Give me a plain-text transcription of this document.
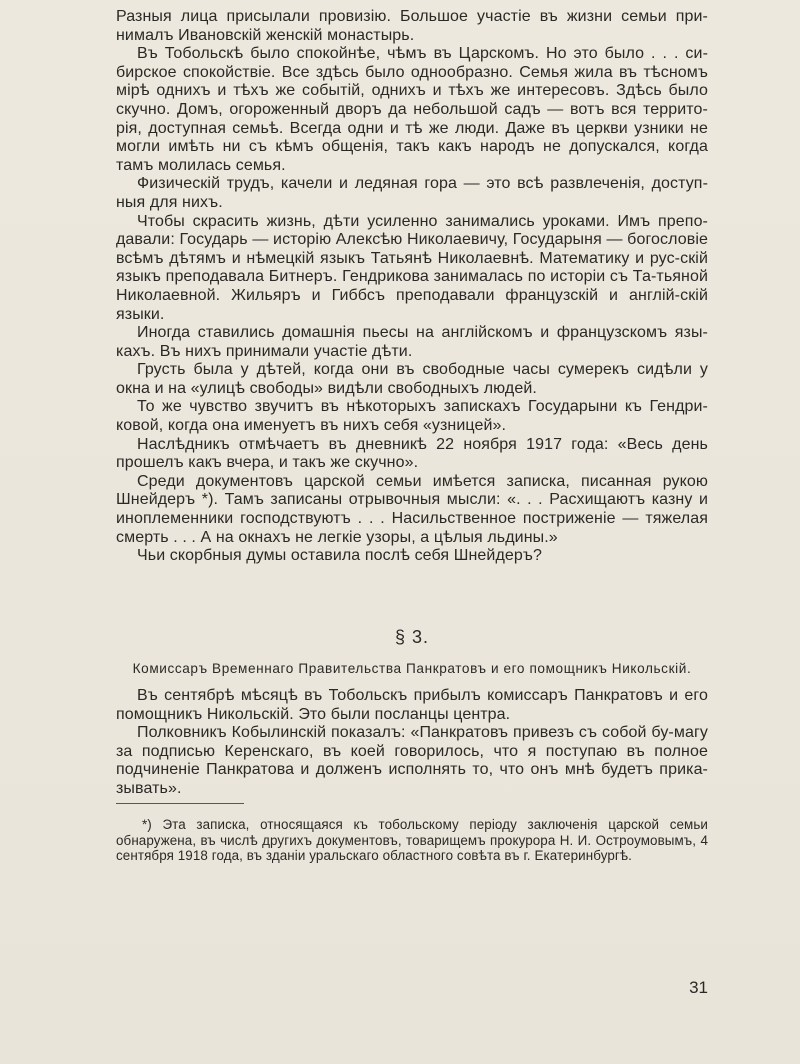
Разныя лица присылали провизію. Большое участіе въ жизни семьи при-нималъ Ивановскій женскій монастырь.

Въ Тобольскѣ было спокойнѣе, чѣмъ въ Царскомъ. Но это было . . . си-бирское спокойствіе. Все здѣсь было однообразно. Семья жила въ тѣсномъ мірѣ однихъ и тѣхъ же событій, однихъ и тѣхъ же интересовъ. Здѣсь было скучно. Домъ, огороженный дворъ да небольшой садъ — вотъ вся террито-рія, доступная семьѣ. Всегда одни и тѣ же люди. Даже въ церкви узники не могли имѣть ни съ кѣмъ общенія, такъ какъ народъ не допускался, когда тамъ молилась семья.

Физическій трудъ, качели и ледяная гора — это всѣ развлеченія, доступ-ныя для нихъ.

Чтобы скрасить жизнь, дѣти усиленно занимались уроками. Имъ препо-давали: Государь — исторію Алексѣю Николаевичу, Государыня — богословіе всѣмъ дѣтямъ и нѣмецкій языкъ Татьянѣ Николаевнѣ. Математику и рус-скій языкъ преподавала Битнеръ. Гендрикова занималась по исторіи съ Та-тьяной Николаевной. Жильяръ и Гиббсъ преподавали французскій и англій-скій языки.

Иногда ставились домашнія пьесы на англійскомъ и французскомъ язы-кахъ. Въ нихъ принимали участіе дѣти.

Грусть была у дѣтей, когда они въ свободные часы сумерекъ сидѣли у окна и на «улицѣ свободы» видѣли свободныхъ людей.

То же чувство звучитъ въ нѣкоторыхъ запискахъ Государыни къ Гендри-ковой, когда она именуетъ въ нихъ себя «узницей».

Наслѣдникъ отмѣчаетъ въ дневникѣ 22 ноября 1917 года: «Весь день прошелъ какъ вчера, и такъ же скучно».

Среди документовъ царской семьи имѣется записка, писанная рукою Шнейдеръ *). Тамъ записаны отрывочныя мысли: «. . . Расхищаютъ казну и иноплеменники господствуютъ . . . Насильственное постриженіе — тяжелая смерть . . . А на окнахъ не легкіе узоры, а цѣлыя льдины.»

Чьи скорбныя думы оставила послѣ себя Шнейдеръ?

§ 3.
Комиссаръ Временнаго Правительства Панкратовъ и его помощникъ Никольскій.

Въ сентябрѣ мѣсяцѣ въ Тобольскъ прибылъ комиссаръ Панкратовъ и его помощникъ Никольскій. Это были посланцы центра.

Полковникъ Кобылинскій показалъ: «Панкратовъ привезъ съ собой бу-магу за подписью Керенскаго, въ коей говорилось, что я поступаю въ полное подчиненіе Панкратова и долженъ исполнять то, что онъ мнѣ будетъ прика-зывать».

*) Эта записка, относящаяся къ тобольскому періоду заключенія царской семьи обнаружена, въ числѣ другихъ документовъ, товарищемъ прокурора Н. И. Остроумовымъ, 4 сентября 1918 года, въ зданіи уральскаго областного совѣта въ г. Екатеринбургѣ.

31
